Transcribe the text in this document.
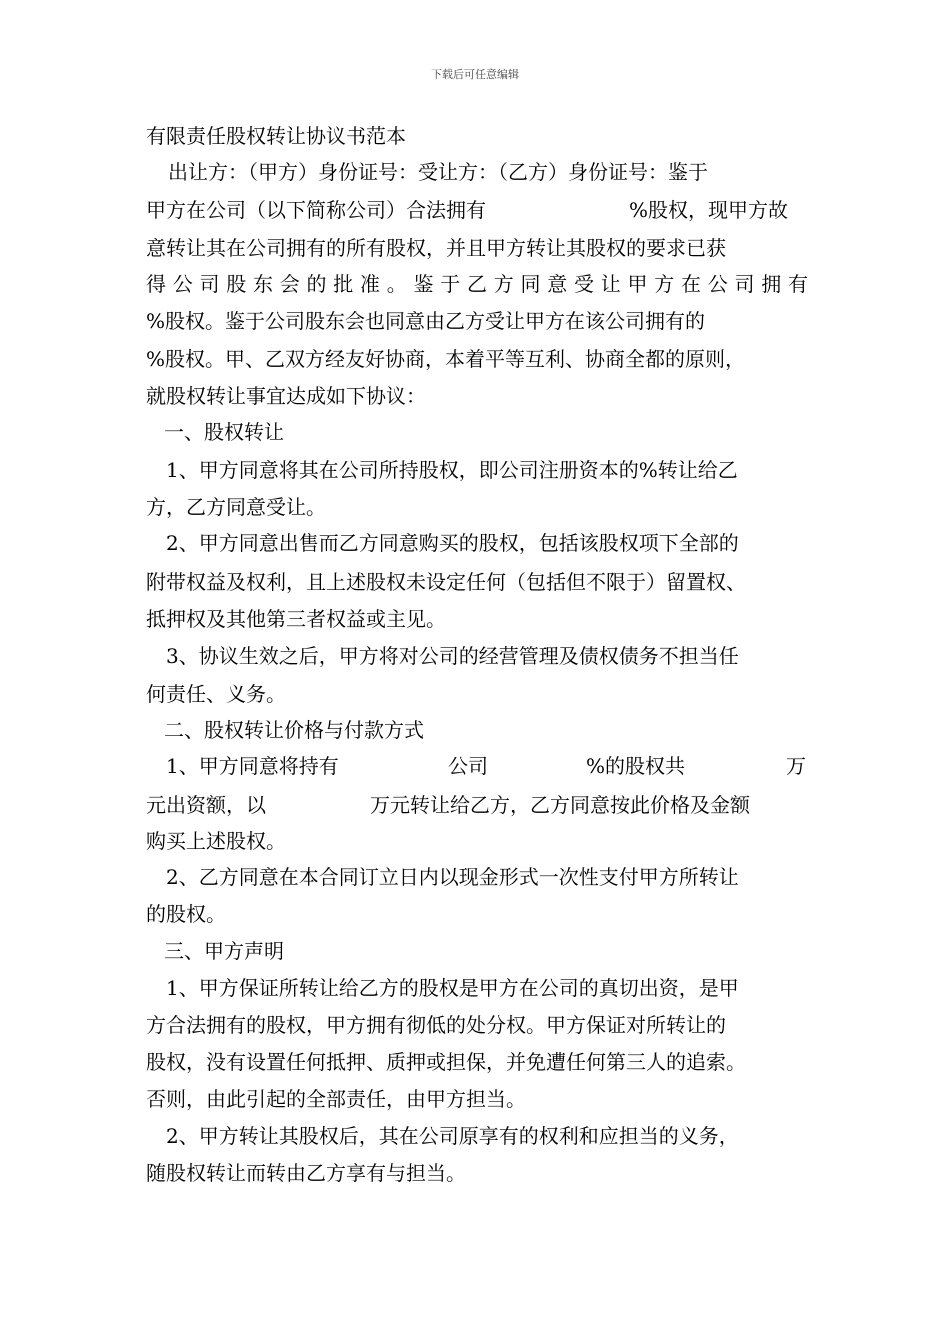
下载后可任意编辑
有限责任股权转让协议书范本
出让方：（甲方）身份证号：受让方：（乙方）身份证号：鉴于
甲方在公司（以下简称公司）合法拥有	%股权，现甲方故
意转让其在公司拥有的所有股权，并且甲方转让其股权的要求已获
得公司股东会的批准。鉴于乙方同意受让甲方在公司拥有
%股权。鉴于公司股东会也同意由乙方受让甲方在该公司拥有的
%股权。甲、乙双方经友好协商，本着平等互利、协商全都的原则，
就股权转让事宜达成如下协议：
一、股权转让
1、甲方同意将其在公司所持股权，即公司注册资本的%转让给乙
方，乙方同意受让。
2、甲方同意出售而乙方同意购买的股权，包括该股权项下全部的
附带权益及权利，且上述股权未设定任何（包括但不限于）留置权、
抵押权及其他第三者权益或主见。
3、协议生效之后，甲方将对公司的经营管理及债权债务不担当任
何责任、义务。
二、股权转让价格与付款方式
1、甲方同意将持有	公司	%的股权共	万
元出资额，以	万元转让给乙方，乙方同意按此价格及金额
购买上述股权。
2、乙方同意在本合同订立日内以现金形式一次性支付甲方所转让
的股权。
三、甲方声明
1、甲方保证所转让给乙方的股权是甲方在公司的真切出资，是甲
方合法拥有的股权，甲方拥有彻低的处分权。甲方保证对所转让的
股权，没有设置任何抵押、质押或担保，并免遭任何第三人的追索。
否则，由此引起的全部责任，由甲方担当。
2、甲方转让其股权后，其在公司原享有的权利和应担当的义务，
随股权转让而转由乙方享有与担当。
